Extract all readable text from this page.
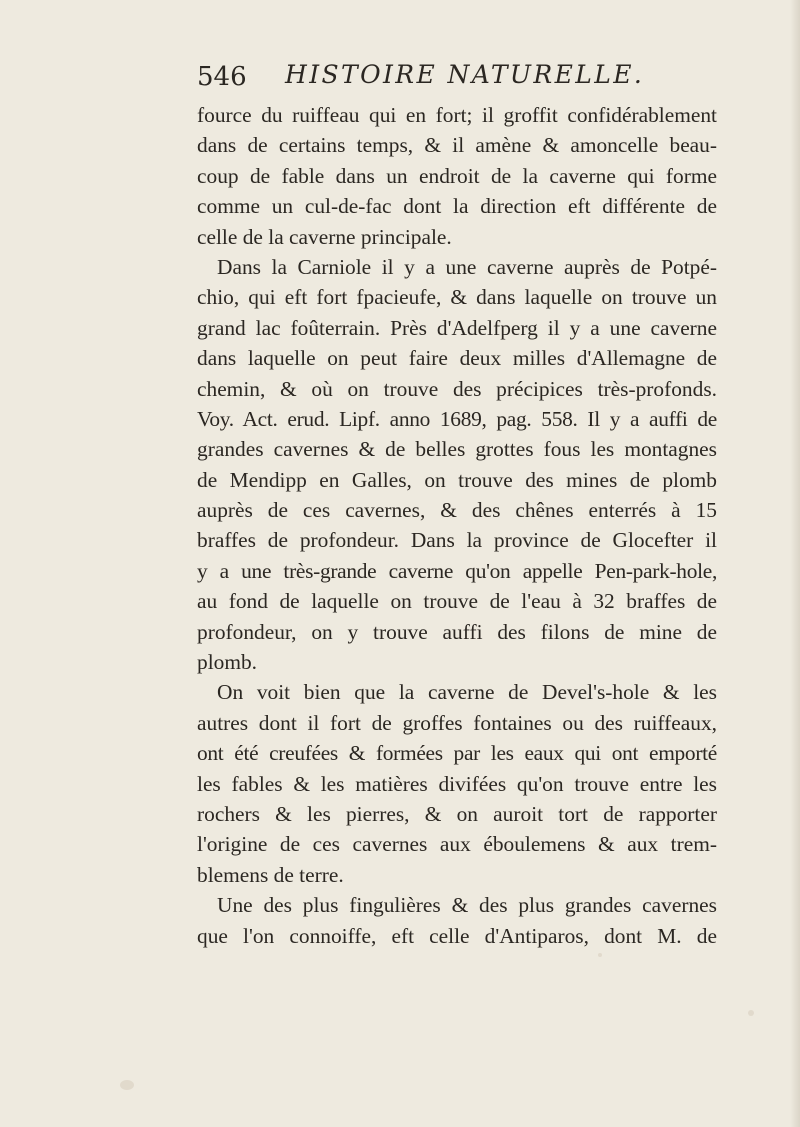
546 HISTOIRE NATURELLE.
fource du ruiffeau qui en fort; il groffit confidérablement
dans de certains temps, & il amène & amoncelle beau-
coup de fable dans un endroit de la caverne qui forme
comme un cul-de-fac dont la direction eft différente de
celle de la caverne principale.
Dans la Carniole il y a une caverne auprès de Potpé-
chio, qui eft fort fpacieufe, & dans laquelle on trouve un
grand lac foûterrain. Près d'Adelfperg il y a une caverne
dans laquelle on peut faire deux milles d'Allemagne de
chemin, & où on trouve des précipices très-profonds.
Voy. Act. erud. Lipf. anno 1689, pag. 558. Il y a auffi de
grandes cavernes & de belles grottes fous les montagnes
de Mendipp en Galles, on trouve des mines de plomb
auprès de ces cavernes, & des chênes enterrés à 15
braffes de profondeur. Dans la province de Glocefter il
y a une très-grande caverne qu'on appelle Pen-park-hole,
au fond de laquelle on trouve de l'eau à 32 braffes de
profondeur, on y trouve auffi des filons de mine de
plomb.
On voit bien que la caverne de Devel's-hole & les
autres dont il fort de groffes fontaines ou des ruiffeaux,
ont été creufées & formées par les eaux qui ont emporté
les fables & les matières divifées qu'on trouve entre les
rochers & les pierres, & on auroit tort de rapporter
l'origine de ces cavernes aux éboulemens & aux trem-
blemens de terre.
Une des plus fingulières & des plus grandes cavernes
que l'on connoiffe, eft celle d'Antiparos, dont M. de
